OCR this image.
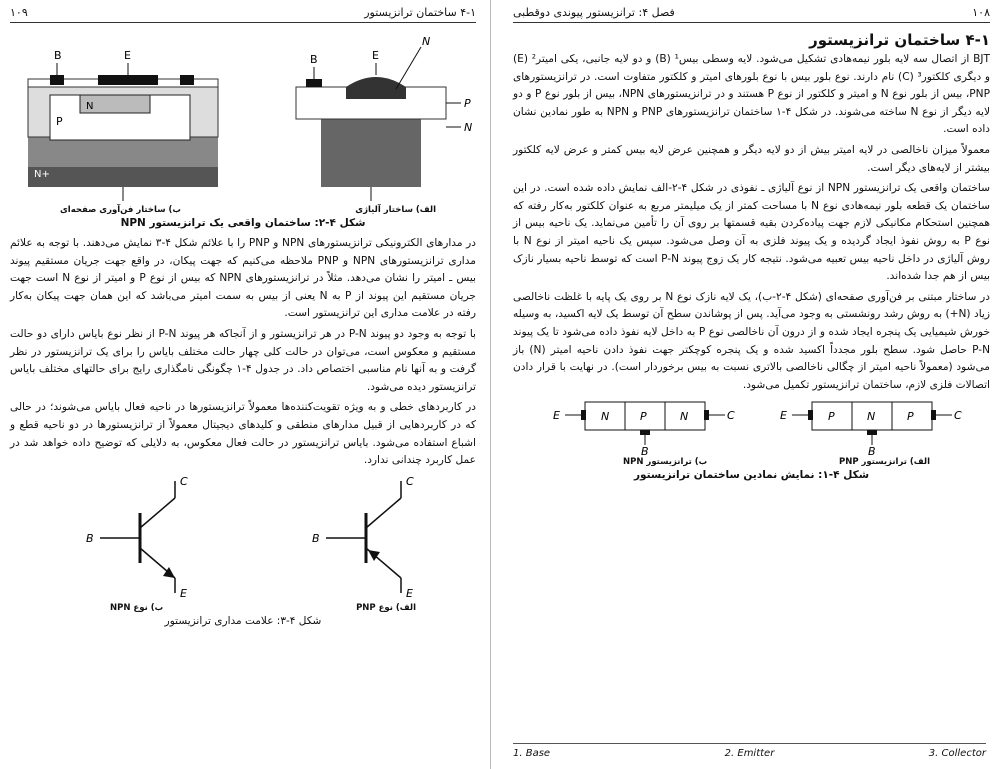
۱۰۹	۴-۱ ساختمان ترانزیستور
B	E
P
N
N+
B	E
N
P
N
ب) ساختار فن‌آوری صفحه‌ای	الف) ساختار آلیاژی
شکل ۴-۲: ساختمان واقعی یک ترانزیستور NPN

در مدارهای الکترونیکی ترانزیستورهای NPN و PNP را با علائم شکل ۴-۳ نمایش می‌دهند. با توجه به علائم مداری ترانزیستورهای NPN و PNP ملاحظه می‌کنیم که جهت پیکان، در واقع جهت جریان مستقیم پیوند بیس ـ امیتر را نشان می‌دهد. مثلاً در ترانزیستورهای NPN که بیس از نوع P و امیتر از نوع N است جهت جریان مستقیم این پیوند از P به N یعنی از بیس به سمت امیتر می‌باشد که این همان جهت پیکان به‌کار رفته در علامت مداری این ترانزیستور است.

با توجه به وجود دو پیوند P-N در هر ترانزیستور و از آنجاکه هر پیوند P-N از نظر نوع بایاس دارای دو حالت مستقیم و معکوس است، می‌توان در حالت کلی چهار حالت مختلف بایاس را برای یک ترانزیستور در نظر گرفت و به آنها نام مناسبی اختصاص داد. در جدول ۴-۱ چگونگی نامگذاری رایج برای حالتهای مختلف بایاس ترانزیستور دیده می‌شود.

در کاربردهای خطی و به ویژه تقویت‌کننده‌ها معمولاً ترانزیستورها در ناحیه فعال بایاس می‌شوند؛ در حالی که در کاربردهایی از قبیل مدارهای منطقی و کلیدهای دیجیتال معمولاً از ترانزیستورها در دو ناحیه قطع و اشباع استفاده می‌شود. بایاس ترانزیستور در حالت فعال معکوس، به دلایلی که توضیح داده خواهد شد در عمل کاربرد چندانی ندارد.

B
C
E
B
C
E
ب) نوع NPN	الف) نوع PNP
شکل ۴-۳: علامت مداری ترانزیستور
فصل ۴: ترانزیستور پیوندی دوقطبی	۱۰۸
۴-۱ ساختمان ترانزیستور

BJT از اتصال سه لایه بلور نیمه‌هادی تشکیل می‌شود. لایه وسطی بیس¹ (B) و دو لایه جانبی، یکی امیتر² (E) و دیگری کلکتور³ (C) نام دارند. نوع بلور بیس با نوع بلورهای امیتر و کلکتور متفاوت است. در ترانزیستورهای PNP، بیس از بلور نوع N و امیتر و کلکتور از نوع P هستند و در ترانزیستورهای NPN، بیس از بلور نوع P و دو لایه دیگر از نوع N ساخته می‌شوند. در شکل ۴-۱ ساختمان ترانزیستورهای PNP و NPN به طور نمادین نشان داده است.

معمولاً میزان ناخالصی در لایه امیتر بیش از دو لایه دیگر و همچنین عرض لایه بیس کمتر و عرض لایه کلکتور بیشتر از لایه‌های دیگر است.

ساختمان واقعی یک ترانزیستور NPN از نوع آلیاژی ـ نفوذی در شکل ۴-۲-الف نمایش داده شده است. در این ساختمان یک قطعه بلور نیمه‌هادی نوع N با مساحت کمتر از یک میلیمتر مربع به عنوان کلکتور به‌کار رفته که همچنین استحکام مکانیکی لازم جهت پیاده‌کردن بقیه قسمتها بر روی آن را تأمین می‌نماید. یک ناحیه بیس از نوع P به روش نفوذ ایجاد گردیده و یک پیوند فلزی به آن وصل می‌شود. سپس یک ناحیه امیتر از نوع N با روش آلیاژی در داخل ناحیه بیس تعبیه می‌شود. نتیجه کار یک زوج پیوند P-N است که توسط ناحیه بسیار نازک بیس از هم جدا شده‌اند.

در ساختار مبتنی بر فن‌آوری صفحه‌ای (شکل ۴-۲-ب)، یک لایه نازک نوع N بر روی یک پایه با غلظت ناخالصی زیاد (N+) به روش رشد رونشستی به وجود می‌آید. پس از پوشاندن سطح آن توسط یک لایه اکسید، به وسیله خورش شیمیایی یک پنجره ایجاد شده و از درون آن ناخالصی نوع P به داخل لایه نفوذ داده می‌شود تا یک پیوند P-N حاصل شود. سطح بلور مجدداً اکسید شده و یک پنجره کوچکتر جهت نفوذ دادن ناحیه امیتر (N) باز می‌شود (معمولاً ناحیه امیتر از چگالی ناخالصی بالاتری نسبت به بیس برخوردار است). در نهایت با قرار دادن اتصالات فلزی لازم، ساختمان ترانزیستور تکمیل می‌شود.

E	C
B
N	P	N	E	C
B
P	N	P
ب) ترانزیستور NPN	الف) ترانزیستور PNP
شکل ۴-۱: نمایش نمادین ساختمان ترانزیستور
1. Base	2. Emitter	3. Collector
